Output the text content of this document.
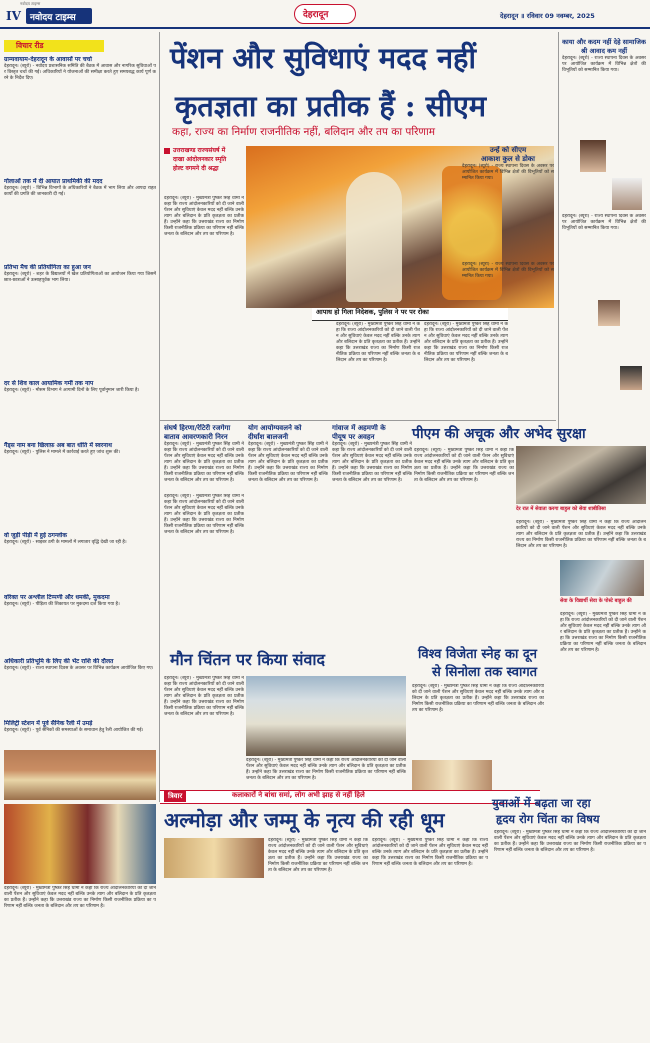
नवोदय टाइम्स
IV नवोदय टाइम्स	देहरादून	देहरादून ॥ रविवार 09 नवम्बर, 2025
विचार रीड
ग्राम्यवायाम-देहरादून के आवासों पर चर्चा
देहरादून। (ब्यूरो) - नवोदय प्रशासनिक समिति की बैठक में आवास और नागरिक सुविधाओं पर विस्तृत चर्चा की गई। अधिकारियों ने योजनाओं की समीक्षा करते हुए समयबद्ध कार्य पूर्ण करने के निर्देश दिए।
गोलाओं तक में दी आयात प्राथमिकी की मदद
देहरादून। (ब्यूरो) - विभिन्न विभागों के अधिकारियों ने बैठक में भाग लिया और आपदा राहत कार्यों की प्रगति की जानकारी दी गई।
प्रतिभा मैच की प्रतियोगिता का हुआ जन
देहरादून। (ब्यूरो) - शहर के विद्यालयों में खेल प्रतियोगिताओं का आयोजन किया गया जिसमें छात्र-छात्राओं ने उत्साहपूर्वक भाग लिया।
दर से शिव काल आयामिक गर्मी तक नाप
देहरादून। (ब्यूरो) - मौसम विभाग ने आगामी दिनों के लिए पूर्वानुमान जारी किया है।
गैंड्स नाम बना खिलाफ़ अब बात धोति में स्वरनाथ
देहरादून। (ब्यूरो) - पुलिस ने मामले में कार्रवाई करते हुए जांच शुरू की।
वो जुड़ी पीड़ी में हुई ठगन्लोक
देहरादून। (ब्यूरो) - साइबर ठगी के मामलों में लगातार वृद्धि देखी जा रही है।
वरिक्त पर अश्लील टिप्पणी और धमकी, मुकदमा
देहरादून। (ब्यूरो) - पीड़िता की शिकायत पर मुकदमा दर्ज किया गया है।
अधिकारी प्रतिभूमि के लिए की भेंट राशि की दौलत
देहरादून। (ब्यूरो) - राज्य स्थापना दिवस के अवसर पर विभिन्न कार्यक्रम आयोजित किए गए।
मिलिट्री स्टेशन में पूर्व सैनिक रैली में उमड़े
देहरादून। (ब्यूरो) - पूर्व सैनिकों की समस्याओं के समाधान हेतु रैली आयोजित की गई।
पेंशन और सुविधाएं मदद नहीं
कृतज्ञता का प्रतीक हैं : सीएम
कहा, राज्य का निर्माण राजनीतिक नहीं, बलिदान और तप का परिणाम
उत्तराखण्ड राज्यसंघर्ष में
दाखा आंदोलनकार स्मृति
होल्ट वगमने दी श्रद्धा
देहरादून। (ब्यूरो) - मुख्यमंत्री पुष्कर सिंह धामी ने कहा कि राज्य आंदोलनकारियों को दी जाने वाली पेंशन और सुविधाएं केवल मदद नहीं बल्कि उनके त्याग और बलिदान के प्रति कृतज्ञता का प्रतीक हैं। उन्होंने कहा कि उत्तराखंड राज्य का निर्माण किसी राजनीतिक प्रक्रिया का परिणाम नहीं बल्कि जनता के बलिदान और तप का परिणाम है।
आपाध हो गिला निदेशक, पुलिस ने पर पर रोका
देहरादून। (ब्यूरो) - मुख्यमंत्री पुष्कर सिंह धामी ने कहा कि राज्य आंदोलनकारियों को दी जाने वाली पेंशन और सुविधाएं केवल मदद नहीं बल्कि उनके त्याग और बलिदान के प्रति कृतज्ञता का प्रतीक हैं। उन्होंने कहा कि उत्तराखंड राज्य का निर्माण किसी राजनीतिक प्रक्रिया का परिणाम नहीं बल्कि जनता के बलिदान और तप का परिणाम है।
देहरादून। (ब्यूरो) - मुख्यमंत्री पुष्कर सिंह धामी ने कहा कि राज्य आंदोलनकारियों को दी जाने वाली पेंशन और सुविधाएं केवल मदद नहीं बल्कि उनके त्याग और बलिदान के प्रति कृतज्ञता का प्रतीक हैं। उन्होंने कहा कि उत्तराखंड राज्य का निर्माण किसी राजनीतिक प्रक्रिया का परिणाम नहीं बल्कि जनता के बलिदान और तप का परिणाम है।
काया और कदम नहीं देहे सामाजिक श्री आवाद कम नहीं
देहरादून। (ब्यूरो) - राज्य स्थापना दिवस के अवसर पर आयोजित कार्यक्रम में विभिन्न क्षेत्रों की विभूतियों को सम्मानित किया गया।
देहरादून। (ब्यूरो) - राज्य स्थापना दिवस के अवसर पर आयोजित कार्यक्रम में विभिन्न क्षेत्रों की विभूतियों को सम्मानित किया गया।
उन्हें को सीएम
आकाश कुल से डोका
देहरादून। (ब्यूरो) - राज्य स्थापना दिवस के अवसर पर आयोजित कार्यक्रम में विभिन्न क्षेत्रों की विभूतियों को सम्मानित किया गया।
देहरादून। (ब्यूरो) - राज्य स्थापना दिवस के अवसर पर आयोजित कार्यक्रम में विभिन्न क्षेत्रों की विभूतियों को सम्मानित किया गया।
संघर्ष हिरणा/रेटिरी रजगेगा
बाताव आवरणकारी निरन
देहरादून। (ब्यूरो) - मुख्यमंत्री पुष्कर सिंह धामी ने कहा कि राज्य आंदोलनकारियों को दी जाने वाली पेंशन और सुविधाएं केवल मदद नहीं बल्कि उनके त्याग और बलिदान के प्रति कृतज्ञता का प्रतीक हैं। उन्होंने कहा कि उत्तराखंड राज्य का निर्माण किसी राजनीतिक प्रक्रिया का परिणाम नहीं बल्कि जनता के बलिदान और तप का परिणाम है।
देहरादून। (ब्यूरो) - मुख्यमंत्री पुष्कर सिंह धामी ने कहा कि राज्य आंदोलनकारियों को दी जाने वाली पेंशन और सुविधाएं केवल मदद नहीं बल्कि उनके त्याग और बलिदान के प्रति कृतज्ञता का प्रतीक हैं। उन्होंने कहा कि उत्तराखंड राज्य का निर्माण किसी राजनीतिक प्रक्रिया का परिणाम नहीं बल्कि जनता के बलिदान और तप का परिणाम है।
योग आयोग्यवलने को
दीर्घांश बालजनी
देहरादून। (ब्यूरो) - मुख्यमंत्री पुष्कर सिंह धामी ने कहा कि राज्य आंदोलनकारियों को दी जाने वाली पेंशन और सुविधाएं केवल मदद नहीं बल्कि उनके त्याग और बलिदान के प्रति कृतज्ञता का प्रतीक हैं। उन्होंने कहा कि उत्तराखंड राज्य का निर्माण किसी राजनीतिक प्रक्रिया का परिणाम नहीं बल्कि जनता के बलिदान और तप का परिणाम है।
गांवाज में अहमणी के
पीयूष पर अवहन
देहरादून। (ब्यूरो) - मुख्यमंत्री पुष्कर सिंह धामी ने कहा कि राज्य आंदोलनकारियों को दी जाने वाली पेंशन और सुविधाएं केवल मदद नहीं बल्कि उनके त्याग और बलिदान के प्रति कृतज्ञता का प्रतीक हैं। उन्होंने कहा कि उत्तराखंड राज्य का निर्माण किसी राजनीतिक प्रक्रिया का परिणाम नहीं बल्कि जनता के बलिदान और तप का परिणाम है।
पीएम की अचूक और अभेद सुरक्षा
देहरादून। (ब्यूरो) - मुख्यमंत्री पुष्कर सिंह धामी ने कहा कि राज्य आंदोलनकारियों को दी जाने वाली पेंशन और सुविधाएं केवल मदद नहीं बल्कि उनके त्याग और बलिदान के प्रति कृतज्ञता का प्रतीक हैं। उन्होंने कहा कि उत्तराखंड राज्य का निर्माण किसी राजनीतिक प्रक्रिया का परिणाम नहीं बल्कि जनता के बलिदान और तप का परिणाम है।
देर रात में सेवाता करगा बाहुल को सेवा शाबीतिसा
देहरादून। (ब्यूरो) - मुख्यमंत्री पुष्कर सिंह धामी ने कहा कि राज्य आंदोलनकारियों को दी जाने वाली पेंशन और सुविधाएं केवल मदद नहीं बल्कि उनके त्याग और बलिदान के प्रति कृतज्ञता का प्रतीक हैं। उन्होंने कहा कि उत्तराखंड राज्य का निर्माण किसी राजनीतिक प्रक्रिया का परिणाम नहीं बल्कि जनता के बलिदान और तप का परिणाम है।
सेवा के विद्यार्थी सेवा के पोस्टे बाहुल की
मौन चिंतन पर किया संवाद
देहरादून। (ब्यूरो) - मुख्यमंत्री पुष्कर सिंह धामी ने कहा कि राज्य आंदोलनकारियों को दी जाने वाली पेंशन और सुविधाएं केवल मदद नहीं बल्कि उनके त्याग और बलिदान के प्रति कृतज्ञता का प्रतीक हैं। उन्होंने कहा कि उत्तराखंड राज्य का निर्माण किसी राजनीतिक प्रक्रिया का परिणाम नहीं बल्कि जनता के बलिदान और तप का परिणाम है।
देहरादून। (ब्यूरो) - मुख्यमंत्री पुष्कर सिंह धामी ने कहा कि राज्य आंदोलनकारियों को दी जाने वाली पेंशन और सुविधाएं केवल मदद नहीं बल्कि उनके त्याग और बलिदान के प्रति कृतज्ञता का प्रतीक हैं। उन्होंने कहा कि उत्तराखंड राज्य का निर्माण किसी राजनीतिक प्रक्रिया का परिणाम नहीं बल्कि जनता के बलिदान और तप का परिणाम है।
विश्व विजेता स्नेह का दून
से सिनोला तक स्वागत
देहरादून। (ब्यूरो) - मुख्यमंत्री पुष्कर सिंह धामी ने कहा कि राज्य आंदोलनकारियों को दी जाने वाली पेंशन और सुविधाएं केवल मदद नहीं बल्कि उनके त्याग और बलिदान के प्रति कृतज्ञता का प्रतीक हैं। उन्होंने कहा कि उत्तराखंड राज्य का निर्माण किसी राजनीतिक प्रक्रिया का परिणाम नहीं बल्कि जनता के बलिदान और तप का परिणाम है।
देहरादून। (ब्यूरो) - मुख्यमंत्री पुष्कर सिंह धामी ने कहा कि राज्य आंदोलनकारियों को दी जाने वाली पेंशन और सुविधाएं केवल मदद नहीं बल्कि उनके त्याग और बलिदान के प्रति कृतज्ञता का प्रतीक हैं। उन्होंने कहा कि उत्तराखंड राज्य का निर्माण किसी राजनीतिक प्रक्रिया का परिणाम नहीं बल्कि जनता के बलिदान और तप का परिणाम है।
त्रिवार	कलाकारों ने बांधा समां, लोग अभी झाह से नहीं हिले
अल्मोड़ा और जम्मू के नृत्य की रही धूम
युवाओं में बढ़ता जा रहा
हृदय रोग चिंता का विषय
देहरादून। (ब्यूरो) - मुख्यमंत्री पुष्कर सिंह धामी ने कहा कि राज्य आंदोलनकारियों को दी जाने वाली पेंशन और सुविधाएं केवल मदद नहीं बल्कि उनके त्याग और बलिदान के प्रति कृतज्ञता का प्रतीक हैं। उन्होंने कहा कि उत्तराखंड राज्य का निर्माण किसी राजनीतिक प्रक्रिया का परिणाम नहीं बल्कि जनता के बलिदान और तप का परिणाम है।
देहरादून। (ब्यूरो) - मुख्यमंत्री पुष्कर सिंह धामी ने कहा कि राज्य आंदोलनकारियों को दी जाने वाली पेंशन और सुविधाएं केवल मदद नहीं बल्कि उनके त्याग और बलिदान के प्रति कृतज्ञता का प्रतीक हैं। उन्होंने कहा कि उत्तराखंड राज्य का निर्माण किसी राजनीतिक प्रक्रिया का परिणाम नहीं बल्कि जनता के बलिदान और तप का परिणाम है।
देहरादून। (ब्यूरो) - मुख्यमंत्री पुष्कर सिंह धामी ने कहा कि राज्य आंदोलनकारियों को दी जाने वाली पेंशन और सुविधाएं केवल मदद नहीं बल्कि उनके त्याग और बलिदान के प्रति कृतज्ञता का प्रतीक हैं। उन्होंने कहा कि उत्तराखंड राज्य का निर्माण किसी राजनीतिक प्रक्रिया का परिणाम नहीं बल्कि जनता के बलिदान और तप का परिणाम है।
देहरादून। (ब्यूरो) - मुख्यमंत्री पुष्कर सिंह धामी ने कहा कि राज्य आंदोलनकारियों को दी जाने वाली पेंशन और सुविधाएं केवल मदद नहीं बल्कि उनके त्याग और बलिदान के प्रति कृतज्ञता का प्रतीक हैं। उन्होंने कहा कि उत्तराखंड राज्य का निर्माण किसी राजनीतिक प्रक्रिया का परिणाम नहीं बल्कि जनता के बलिदान और तप का परिणाम है।
